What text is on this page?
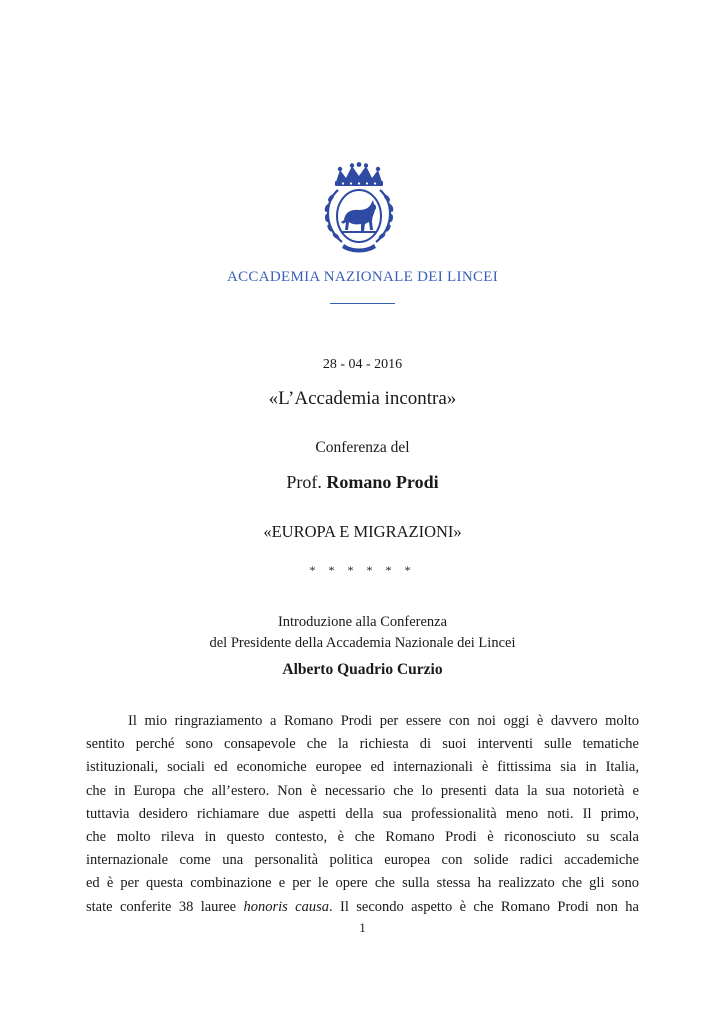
ACCADEMIA NAZIONALE DEI LINCEI
28 - 04 - 2016
«L’Accademia incontra»
Conferenza del
Prof. Romano Prodi
«EUROPA E MIGRAZIONI»
* * * * * *
Introduzione alla Conferenza
del Presidente della Accademia Nazionale dei Lincei
Alberto Quadrio Curzio
Il mio ringraziamento a Romano Prodi per essere con noi oggi è davvero molto
sentito perché sono consapevole che la richiesta di suoi interventi sulle tematiche
istituzionali, sociali ed economiche europee ed internazionali è fittissima sia in Italia,
che in Europa che all’estero. Non è necessario che lo presenti data la sua notorietà e
tuttavia desidero richiamare due aspetti della sua professionalità meno noti. Il primo,
che molto rileva in questo contesto, è che Romano Prodi è riconosciuto su scala
internazionale come una personalità politica europea con solide radici accademiche
ed è per questa combinazione e per le opere che sulla stessa ha realizzato che gli sono
state conferite 38 lauree honoris causa. Il secondo aspetto è che Romano Prodi non ha
1
